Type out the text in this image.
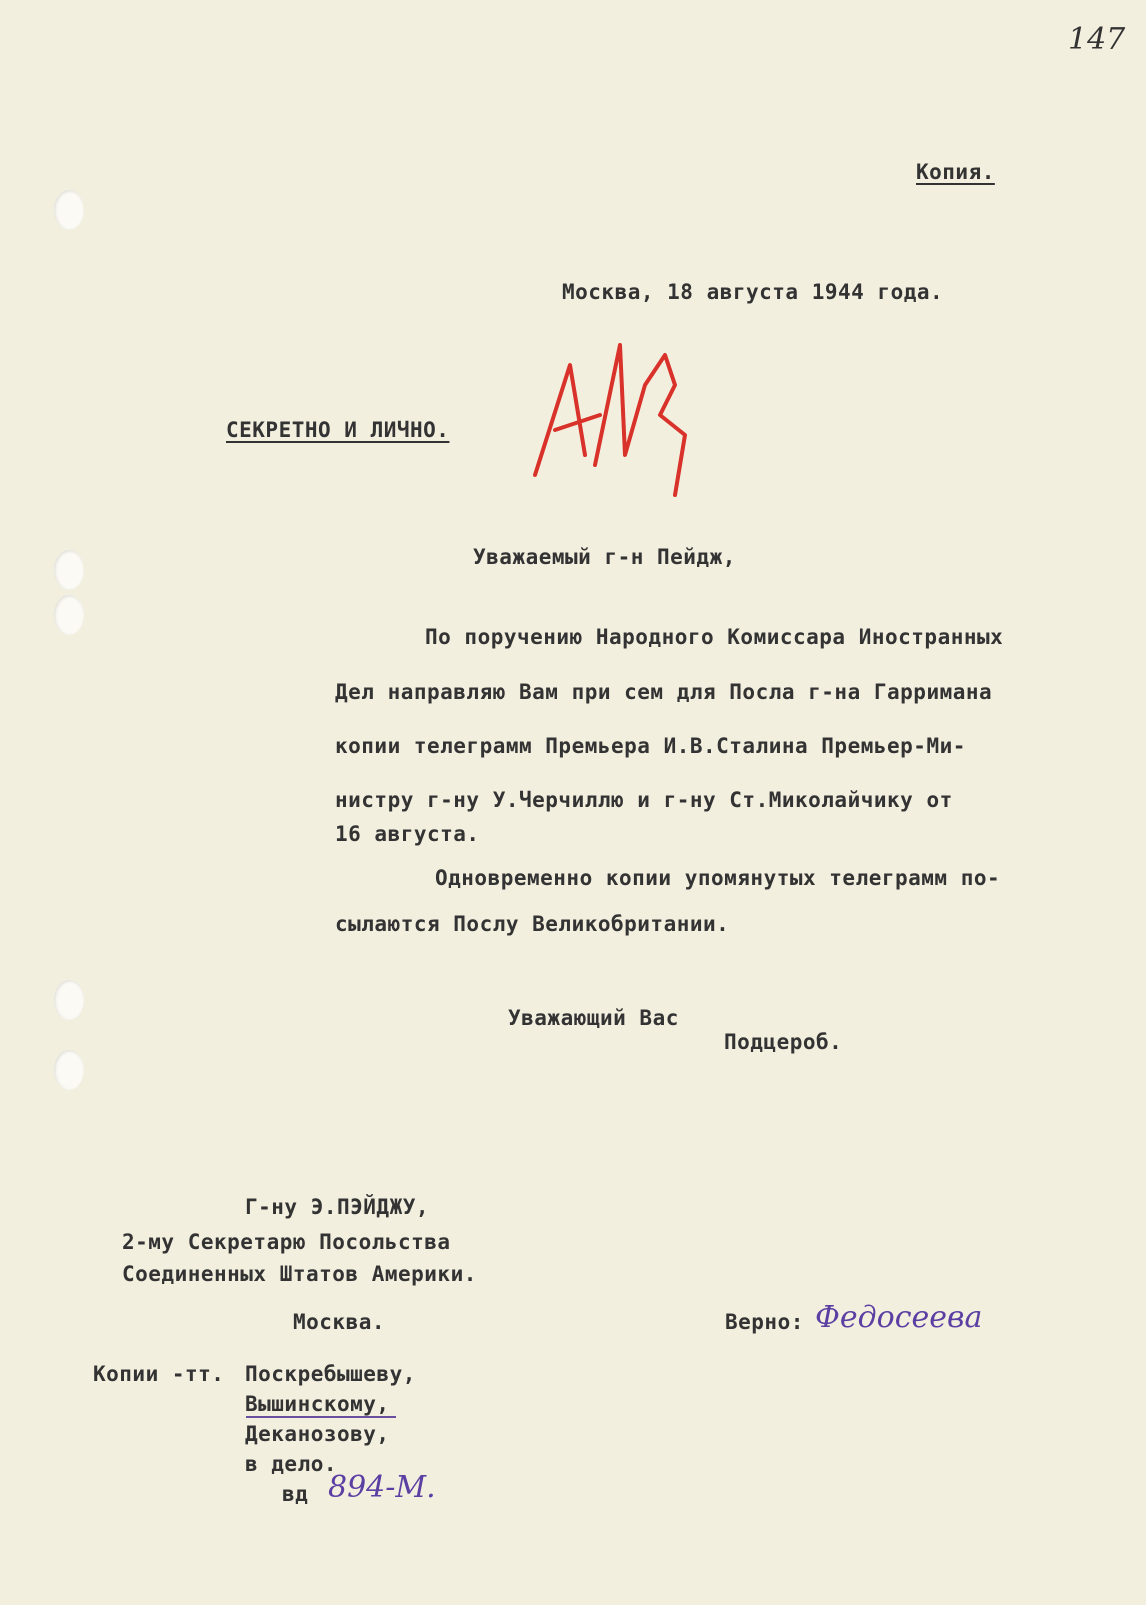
147

Копия.

Москва, 18 августа 1944 года.

СЕКРЕТНО И ЛИЧНО.

Уважаемый г-н Пейдж,

По поручению Народного Комиссара Иностранных

Дел направляю Вам при сем для Посла г-на Гарримана

копии телеграмм Премьера И.В.Сталина Премьер-Ми-

нистру г-ну У.Черчиллю и г-ну Ст.Миколайчику от

16 августа.

Одновременно копии упомянутых телеграмм по-

сылаются Послу Великобритании.

Уважающий Вас

Подцероб.

Г-ну Э.ПЭЙДЖУ,

2-му Секретарю Посольства

Соединенных Штатов Америки.

Москва.	Верно: Федосеева

Копии -тт. Поскребышеву,

Вышинскому,

Деканозову,

в дело.

вд 894-М.
